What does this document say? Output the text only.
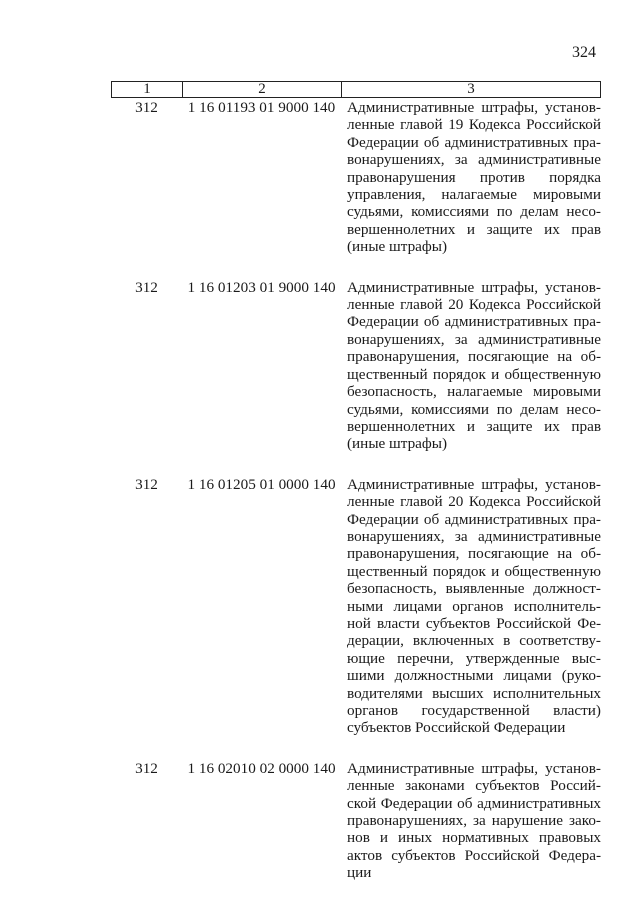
324
1	2	3
312	1 16 01193 01 9000 140 Административные штрафы, установ-
ленные главой 19 Кодекса Российской
Федерации об административных пра-
вонарушениях, за административные
правонарушения против порядка
управления, налагаемые мировыми
судьями, комиссиями по делам несо-
вершеннолетних и защите их прав
(иные штрафы)
312	1 16 01203 01 9000 140 Административные штрафы, установ-
ленные главой 20 Кодекса Российской
Федерации об административных пра-
вонарушениях, за административные
правонарушения, посягающие на об-
щественный порядок и общественную
безопасность, налагаемые мировыми
судьями, комиссиями по делам несо-
вершеннолетних и защите их прав
(иные штрафы)
312	1 16 01205 01 0000 140 Административные штрафы, установ-
ленные главой 20 Кодекса Российской
Федерации об административных пра-
вонарушениях, за административные
правонарушения, посягающие на об-
щественный порядок и общественную
безопасность, выявленные должност-
ными лицами органов исполнитель-
ной власти субъектов Российской Фе-
дерации, включенных в соответству-
ющие перечни, утвержденные выс-
шими должностными лицами (руко-
водителями высших исполнительных
органов государственной власти)
субъектов Российской Федерации
312	1 16 02010 02 0000 140 Административные штрафы, установ-
ленные законами субъектов Россий-
ской Федерации об административных
правонарушениях, за нарушение зако-
нов и иных нормативных правовых
актов субъектов Российской Федера-
ции
